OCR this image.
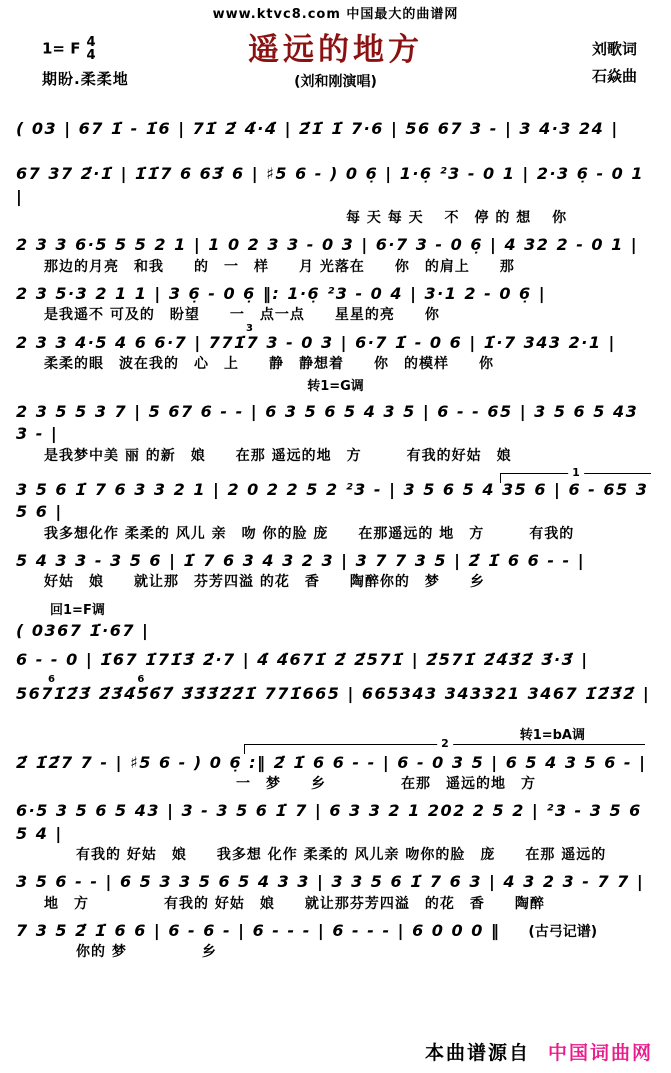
www.ktvc8.com 中国最大的曲谱网
遥远的地方
(刘和刚演唱)
1= F 4
4
期盼.柔柔地
刘歌词
石焱曲
( 03 | 67 1̇ - 1̇6 | 71̇ 2̇ 4̇·4̇ | 2̇1̇ 1̇ 7·6 | 56 67 3 - | 3 4·3 24 |
67 37 2̇·1̇ | 1̇1̇7 6 63̇ 6 | ♯5 6 - ) 0 6̣ | 1·6̣ ²3 - 0 1 | 2·3 6̣ - 0 1 |
每 天 每 天　 不　停 的 想　 你
2 3 3 6·5 5 5 2 1 | 1 0 2 3 3 - 0 3 | 6·7 3 - 0 6̣ | 4 32 2 - 0 1 |
那边的月亮　和我　　的　一　样　　月 光落在　　你　的肩上　　那
2 3 5·3 2 1 1 | 3 6̣ - 0 6̣ ‖: 1·6̣ ²3 - 0 4 | 3·1 2 - 0 6̣ |
是我遥不 可及的　盼望　　一　点一点　　星星的亮　　你
3
2 3 3 4·5 4 6 6·7 | 771̇7 3 - 0 3 | 6·7 1̇ - 0 6 | 1̇·7 343 2·1 |
柔柔的眼　波在我的　心　上　　静　静想着　　你　的模样　　你
转1=G调
2 3 5 5 3 7 | 5 67 6 - - | 6 3 5 6 5 4 3 5 | 6 - - 65 | 3 5 6 5 43 3 - |
是我梦中美 丽 的新　娘　　在那 遥远的地　方　　　有我的好姑　娘
1
3 5 6 1̇ 7 6 3 3 2 1 | 2 0 2 2 5 2 ²3 - | 3 5 6 5 4 35 6 | 6 - 65 3 5 6 |
我多想化作 柔柔的 风儿 亲　吻 你的脸 庞　　在那遥远的 地　方　　　有我的
5 4 3 3 - 3 5 6 | 1̇ 7 6 3 4 3 2 3 | 3 7 7 3 5 | 2̇ 1̇ 6 6 - - |
好姑　娘　　就让那　芬芳四溢 的花　香　　陶醉你的　梦　　乡
回1=F调
( 0367 1̇·67 |
6 - - 0 | 1̇67 1̇71̇3̇ 2̇·7 | 4̇ 4̇671̇ 2̇ 2̇571̇ | 2̇571̇ 2̇4̇3̇2̇ 3̇·3̇ |
6	6
5671̇2̇3̇ 2̇3̇4̇5̇6̇7̇ 3̇3̇3̇2̇2̇1̇ 771̇665 | 665343 343321 3467 1̇2̇3̇2̇ |
转1=bA调
2
2̇ 1̇2̇7 7 - | ♯5 6 - ) 0 6̣ :‖ 2̇ 1̇ 6 6 - - | 6 - 0 3 5 | 6 5 4 3 5 6 - |
一　梦　　乡　　　　　在那　遥远的地　方
6·5 3 5 6 5 43 | 3 - 3 5 6 1̇ 7 | 6 3 3 2 1 202 2 5 2 | ²3 - 3 5 6 5 4 |
有我的 好姑　娘　　我多想 化作 柔柔的 风儿亲 吻你的脸　庞　　在那 遥远的
3 5 6 - - | 6 5 3 3 5 6 5 4 3 3 | 3 3 5 6 1̇ 7 6 3 | 4 3 2 3 - 7 7 |
地　方　　　　　有我的 好姑　娘　　就让那芬芳四溢　的花　香　　陶醉
7 3 5 2̇ 1̇ 6 6 | 6 - 6 - | 6 - - - | 6 - - - | 6 0 0 0 ‖ (古弓记谱)
你的 梦　　　　　乡
本曲谱源自 中国词曲网
